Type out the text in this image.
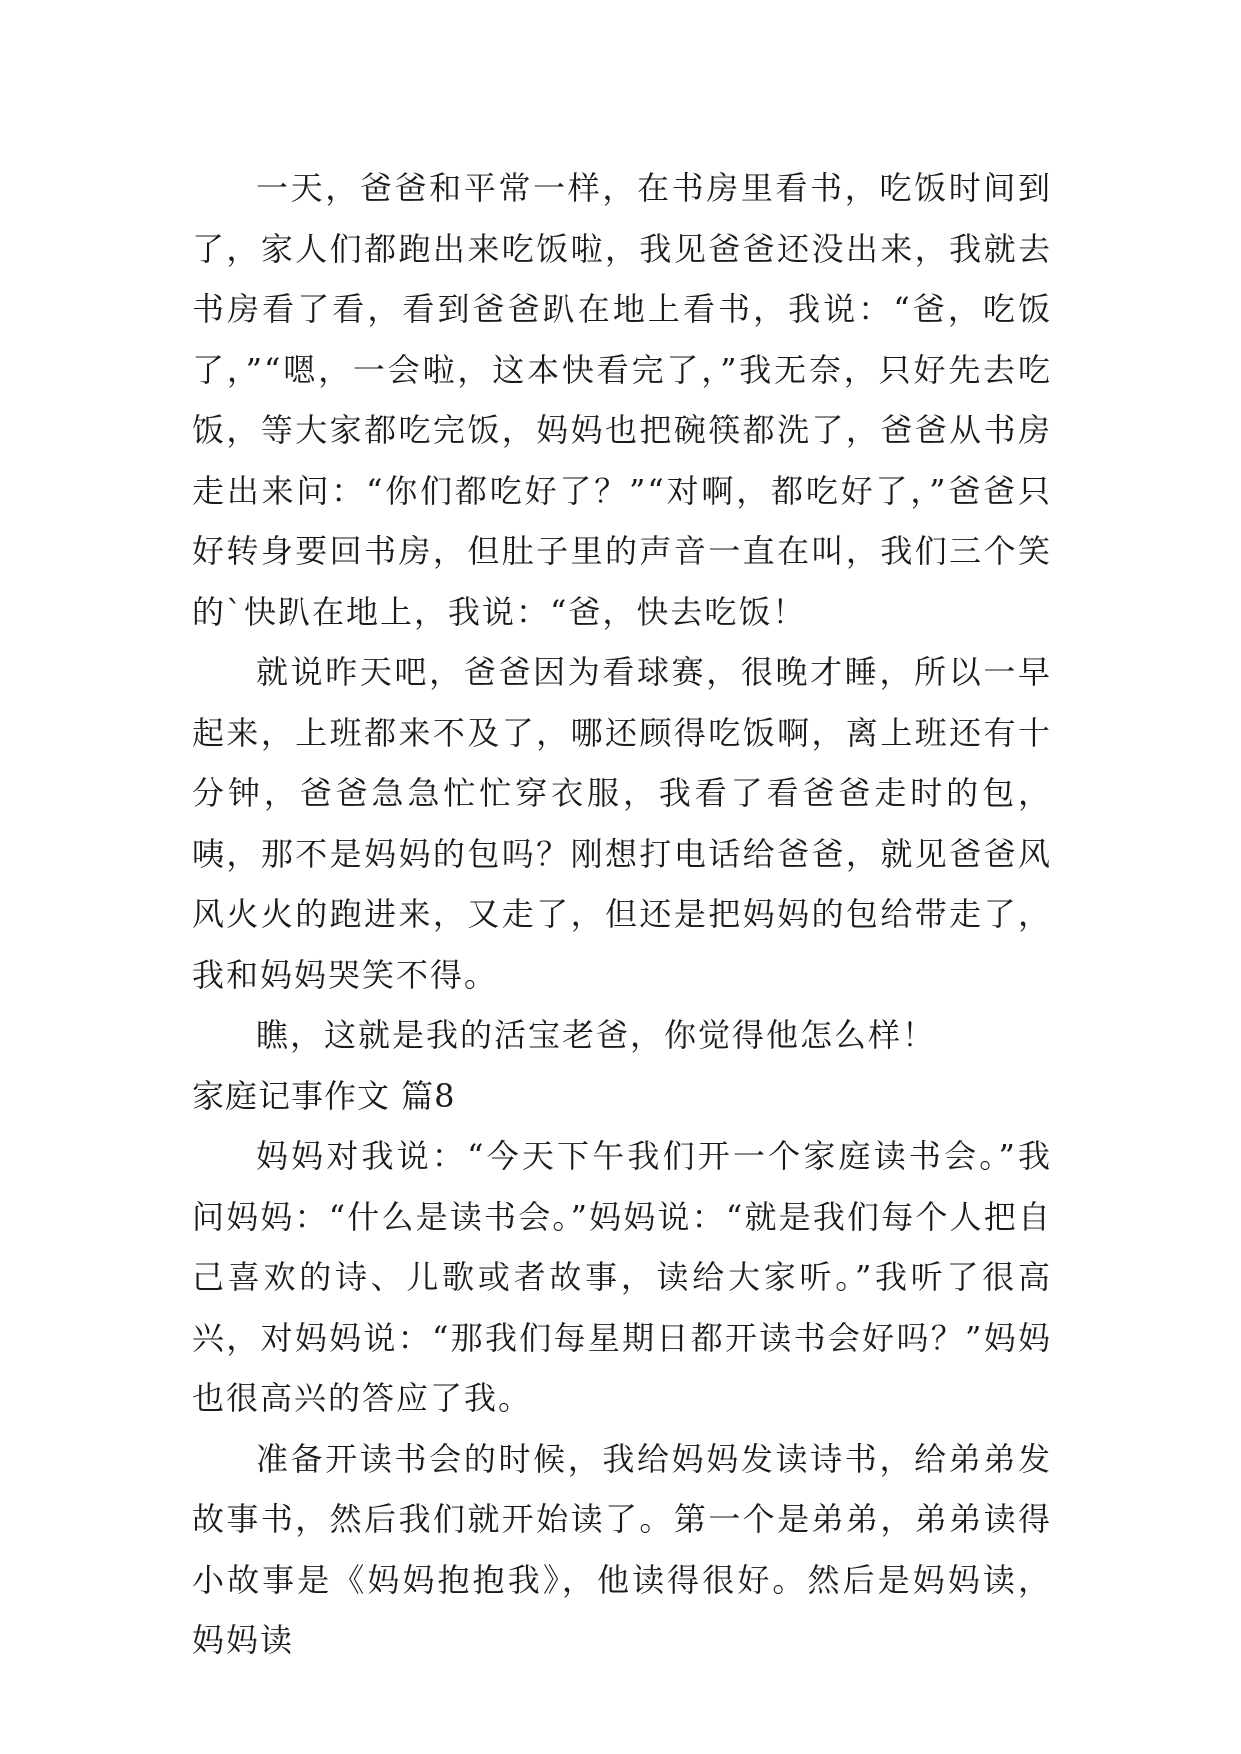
一天，爸爸和平常一样，在书房里看书，吃饭时间到了，家人们都跑出来吃饭啦，我见爸爸还没出来，我就去书房看了看，看到爸爸趴在地上看书，我说：“爸，吃饭了，”“嗯，一会啦，这本快看完了，”我无奈，只好先去吃饭，等大家都吃完饭，妈妈也把碗筷都洗了，爸爸从书房走出来问：“你们都吃好了？”“对啊，都吃好了，”爸爸只好转身要回书房，但肚子里的声音一直在叫，我们三个笑的`快趴在地上，我说：“爸，快去吃饭！

就说昨天吧，爸爸因为看球赛，很晚才睡，所以一早起来，上班都来不及了，哪还顾得吃饭啊，离上班还有十分钟，爸爸急急忙忙穿衣服，我看了看爸爸走时的包，咦，那不是妈妈的包吗？刚想打电话给爸爸，就见爸爸风风火火的跑进来，又走了，但还是把妈妈的包给带走了，我和妈妈哭笑不得。

瞧，这就是我的活宝老爸，你觉得他怎么样！

家庭记事作文 篇8

妈妈对我说：“今天下午我们开一个家庭读书会。”我问妈妈：“什么是读书会。”妈妈说：“就是我们每个人把自己喜欢的诗、儿歌或者故事，读给大家听。”我听了很高兴，对妈妈说：“那我们每星期日都开读书会好吗？”妈妈也很高兴的答应了我。

准备开读书会的时候，我给妈妈发读诗书，给弟弟发故事书，然后我们就开始读了。第一个是弟弟，弟弟读得小故事是《妈妈抱抱我》，他读得很好。然后是妈妈读，妈妈读
